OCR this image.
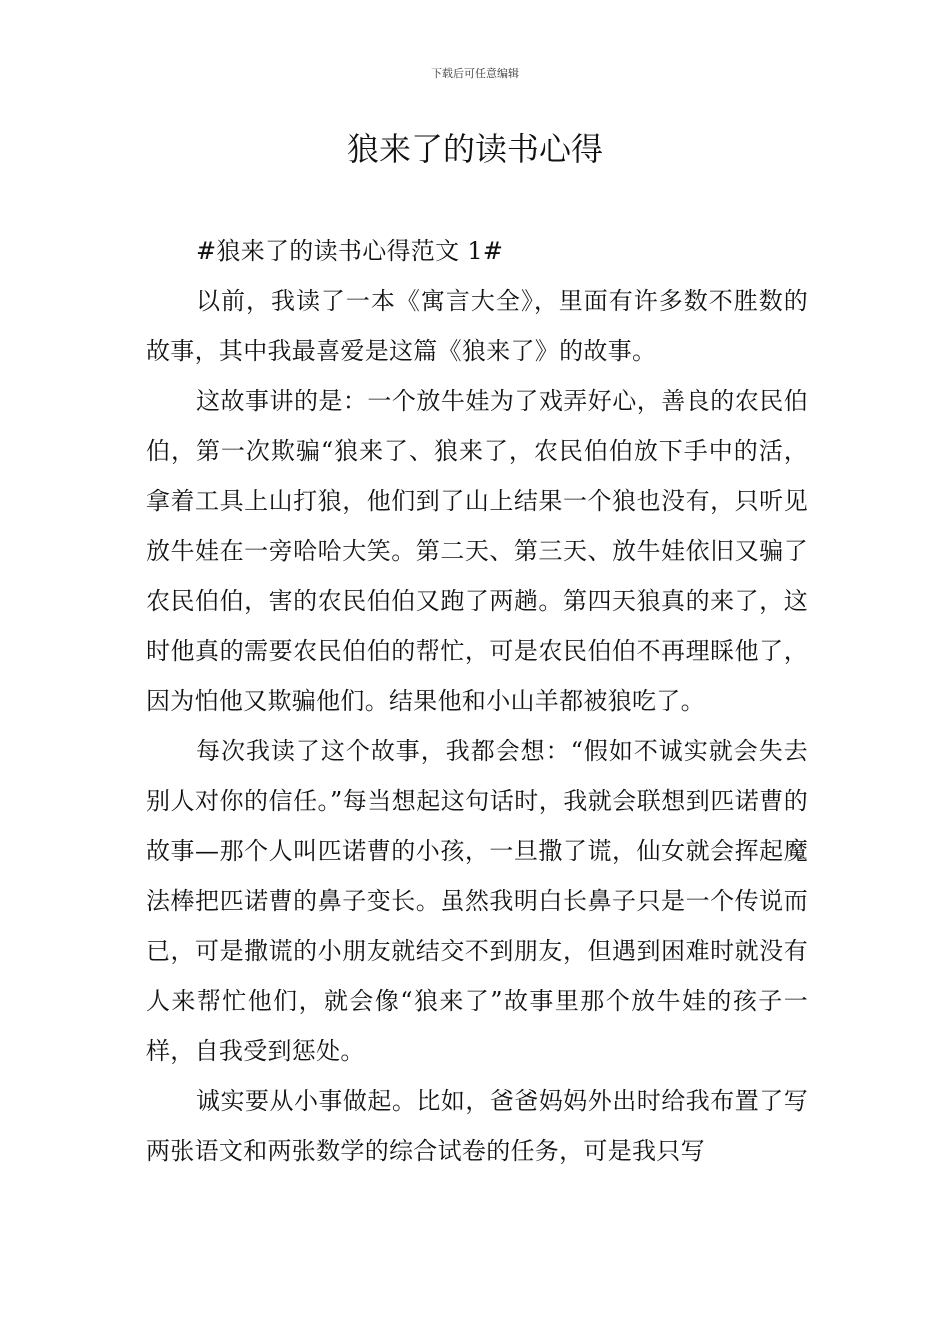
下载后可任意编辑
狼来了的读书心得

#狼来了的读书心得范文 1#

以前，我读了一本《寓言大全》，里面有许多数不胜数的故事，其中我最喜爱是这篇《狼来了》的故事。

这故事讲的是：一个放牛娃为了戏弄好心，善良的农民伯伯，第一次欺骗“狼来了、狼来了，农民伯伯放下手中的活，拿着工具上山打狼，他们到了山上结果一个狼也没有，只听见放牛娃在一旁哈哈大笑。第二天、第三天、放牛娃依旧又骗了农民伯伯，害的农民伯伯又跑了两趟。第四天狼真的来了，这时他真的需要农民伯伯的帮忙，可是农民伯伯不再理睬他了，因为怕他又欺骗他们。结果他和小山羊都被狼吃了。

每次我读了这个故事，我都会想：“假如不诚实就会失去别人对你的信任。”每当想起这句话时，我就会联想到匹诺曹的故事—那个人叫匹诺曹的小孩，一旦撒了谎，仙女就会挥起魔法棒把匹诺曹的鼻子变长。虽然我明白长鼻子只是一个传说而已，可是撒谎的小朋友就结交不到朋友，但遇到困难时就没有人来帮忙他们，就会像“狼来了”故事里那个放牛娃的孩子一样，自我受到惩处。

诚实要从小事做起。比如，爸爸妈妈外出时给我布置了写两张语文和两张数学的综合试卷的任务，可是我只写
